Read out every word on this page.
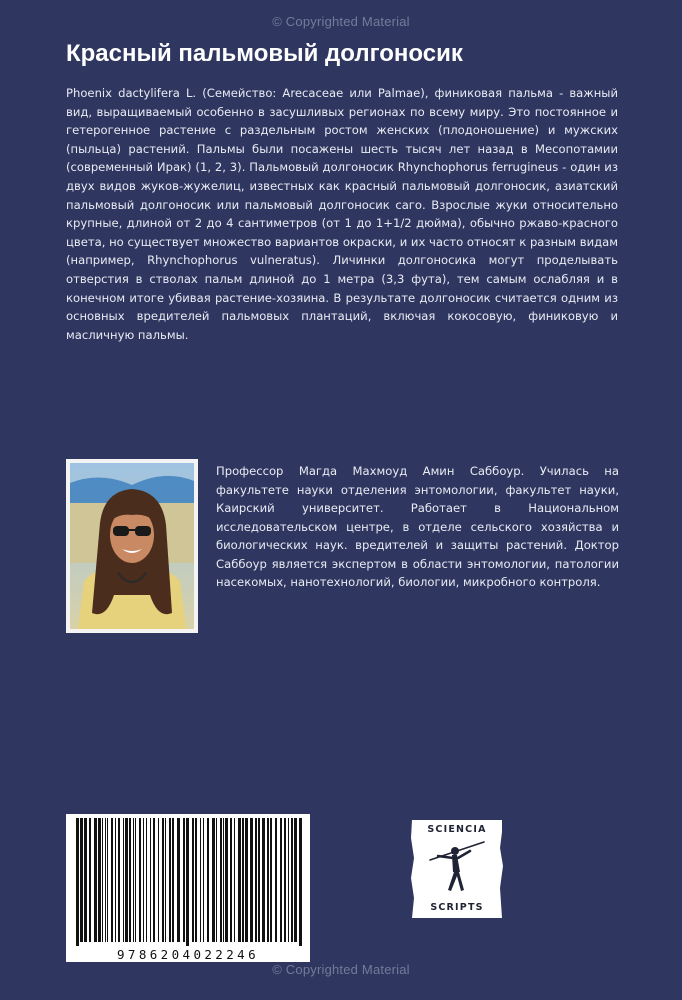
© Copyrighted Material
Красный пальмовый долгоносик

Phoenix dactylifera L. (Семейство: Arecaceae или Palmae), финиковая пальма - важный вид, выращиваемый особенно в засушливых регионах по всему миру. Это постоянное и гетерогенное растение с раздельным ростом женских (плодоношение) и мужских (пыльца) растений. Пальмы были посажены шесть тысяч лет назад в Месопотамии (современный Ирак) (1, 2, 3). Пальмовый долгоносик Rhynchophorus ferrugineus - один из двух видов жуков-жужелиц, известных как красный пальмовый долгоносик, азиатский пальмовый долгоносик или пальмовый долгоносик саго. Взрослые жуки относительно крупные, длиной от 2 до 4 сантиметров (от 1 до 1+1/2 дюйма), обычно ржаво-красного цвета, но существует множество вариантов окраски, и их часто относят к разным видам (например, Rhynchophorus vulneratus). Личинки долгоносика могут проделывать отверстия в стволах пальм длиной до 1 метра (3,3 фута), тем самым ослабляя и в конечном итоге убивая растение-хозяина. В результате долгоносик считается одним из основных вредителей пальмовых плантаций, включая кокосовую, финиковую и масличную пальмы.

Профессор Магда Махмоуд Амин Саббоур. Училась на факультете науки отделения энтомологии, факультет науки, Каирский университет. Работает в Национальном исследовательском центре, в отделе сельского хозяйства и биологических наук. вредителей и защиты растений. Доктор Саббоур является экспертом в области энтомологии, патологии насекомых, нанотехнологий, биологии, микробного контроля.

9786204022246
SCIENCIA
SCRIPTS
© Copyrighted Material
